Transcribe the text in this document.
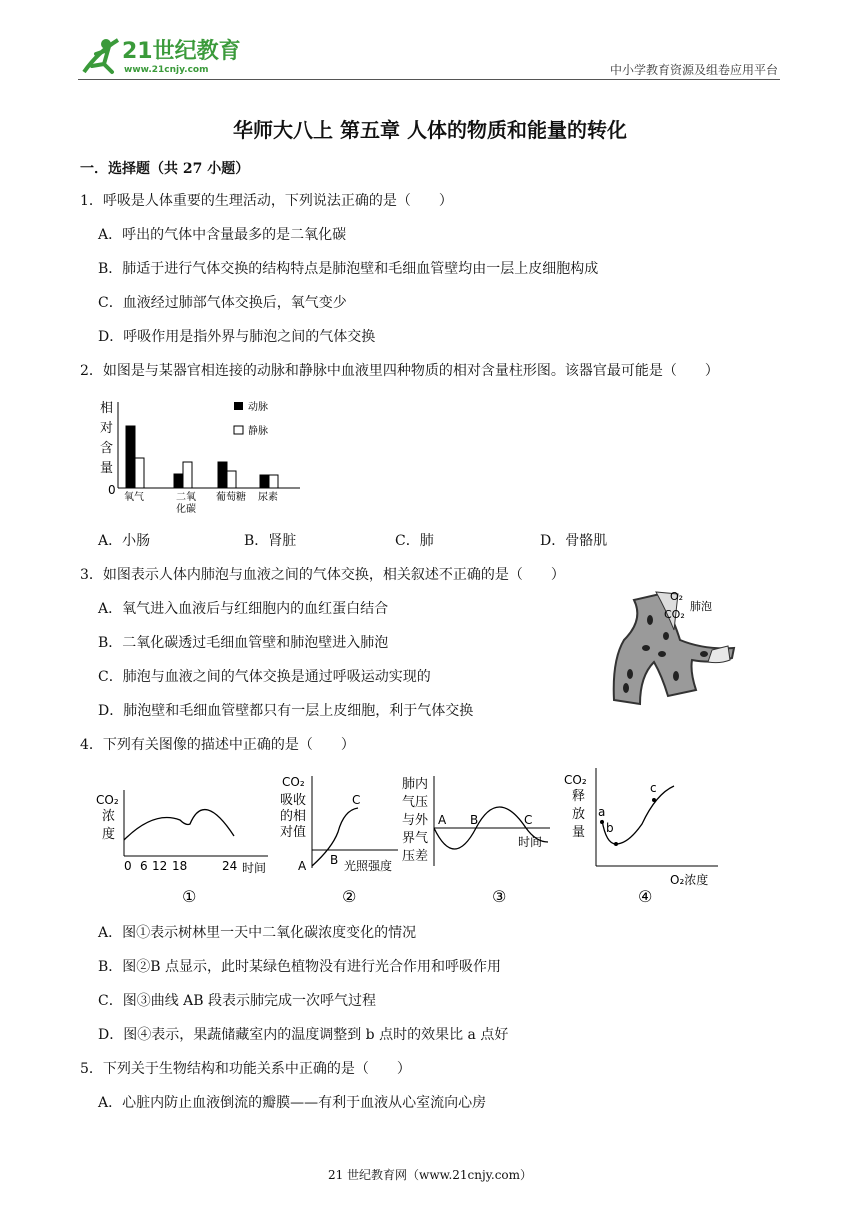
21世纪教育
www.21cnjy.com	中小学教育资源及组卷应用平台
华师大八上 第五章 人体的物质和能量的转化
一．选择题（共 27 小题）
1．呼吸是人体重要的生理活动，下列说法正确的是（　　）
A．呼出的气体中含量最多的是二氧化碳
B．肺适于进行气体交换的结构特点是肺泡壁和毛细血管壁均由一层上皮细胞构成
C．血液经过肺部气体交换后，氧气变少
D．呼吸作用是指外界与肺泡之间的气体交换
2．如图是与某器官相连接的动脉和静脉中血液里四种物质的相对含量柱形图。该器官最可能是（　　）
相
对
含
量
0
氧气	二氧
化碳
葡萄糖 尿素
动脉
静脉
A．小肠	B．肾脏	C．肺	D．骨骼肌
3．如图表示人体内肺泡与血液之间的气体交换，相关叙述不正确的是（　　）
A．氧气进入血液后与红细胞内的血红蛋白结合
B．二氧化碳透过毛细血管壁和肺泡壁进入肺泡
C．肺泡与血液之间的气体交换是通过呼吸运动实现的
D．肺泡壁和毛细血管壁都只有一层上皮细胞，利于气体交换
O₂
CO₂
肺泡
4．下列有关图像的描述中正确的是（　　）
CO₂
浓
度
0 6 12 18	24 时间
①
CO₂
吸收
的相
对值
A B
C
光照强度
②
肺内
气压
与外
界气
压差
A B	C
时间
③
CO₂
释
放
量
a
b
c
O₂浓度
④
A．图①表示树林里一天中二氧化碳浓度变化的情况
B．图②B 点显示，此时某绿色植物没有进行光合作用和呼吸作用
C．图③曲线 AB 段表示肺完成一次呼气过程
D．图④表示，果蔬储藏室内的温度调整到 b 点时的效果比 a 点好
5．下列关于生物结构和功能关系中正确的是（　　）
A．心脏内防止血液倒流的瓣膜——有利于血液从心室流向心房
21 世纪教育网（www.21cnjy.com）
